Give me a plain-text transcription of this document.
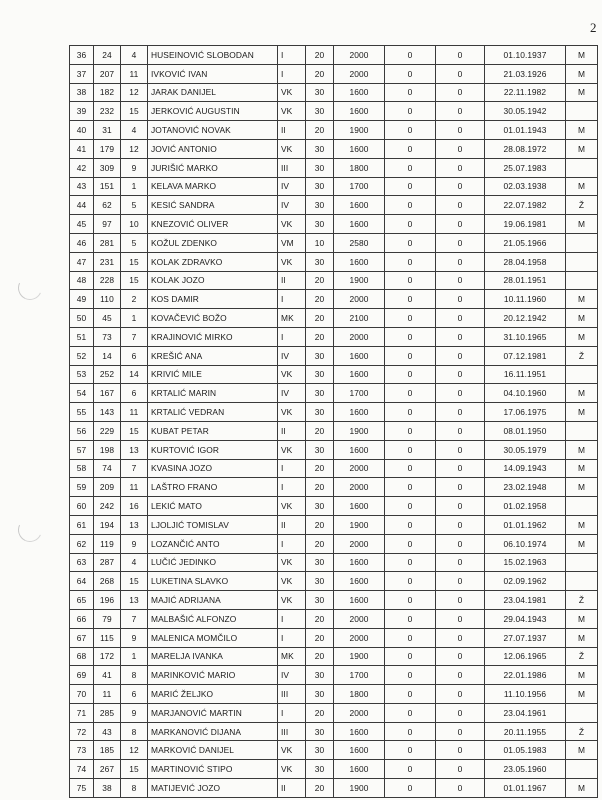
2
36	24	4	HUSEINOVIĆ SLOBODAN	I	20	2000	0	0	01.10.1937	M
37	207	11	IVKOVIĆ IVAN	I	20	2000	0	0	21.03.1926	M
38	182	12	JARAK DANIJEL	VK	30	1600	0	0	22.11.1982	M
39	232	15	JERKOVIĆ AUGUSTIN	VK	30	1600	0	0	30.05.1942	
40	31	4	JOTANOVIĆ NOVAK	II	20	1900	0	0	01.01.1943	M
41	179	12	JOVIĆ ANTONIO	VK	30	1600	0	0	28.08.1972	M
42	309	9	JURIŠIĆ MARKO	III	30	1800	0	0	25.07.1983	
43	151	1	KELAVA MARKO	IV	30	1700	0	0	02.03.1938	M
44	62	5	KESIĆ SANDRA	IV	30	1600	0	0	22.07.1982	Ž
45	97	10	KNEZOVIĆ OLIVER	VK	30	1600	0	0	19.06.1981	M
46	281	5	KOŽUL ZDENKO	VM	10	2580	0	0	21.05.1966	
47	231	15	KOLAK ZDRAVKO	VK	30	1600	0	0	28.04.1958	
48	228	15	KOLAK JOZO	II	20	1900	0	0	28.01.1951	
49	110	2	KOS DAMIR	I	20	2000	0	0	10.11.1960	M
50	45	1	KOVAČEVIĆ BOŽO	MK	20	2100	0	0	20.12.1942	M
51	73	7	KRAJINOVIĆ MIRKO	I	20	2000	0	0	31.10.1965	M
52	14	6	KREŠIĆ ANA	IV	30	1600	0	0	07.12.1981	Ž
53	252	14	KRIVIĆ MILE	VK	30	1600	0	0	16.11.1951	
54	167	6	KRTALIĆ MARIN	IV	30	1700	0	0	04.10.1960	M
55	143	11	KRTALIĆ VEDRAN	VK	30	1600	0	0	17.06.1975	M
56	229	15	KUBAT PETAR	II	20	1900	0	0	08.01.1950	
57	198	13	KURTOVIĆ IGOR	VK	30	1600	0	0	30.05.1979	M
58	74	7	KVASINA JOZO	I	20	2000	0	0	14.09.1943	M
59	209	11	LAŠTRO FRANO	I	20	2000	0	0	23.02.1948	M
60	242	16	LEKIĆ MATO	VK	30	1600	0	0	01.02.1958	
61	194	13	LJOLJIĆ TOMISLAV	II	20	1900	0	0	01.01.1962	M
62	119	9	LOZANČIĆ ANTO	I	20	2000	0	0	06.10.1974	M
63	287	4	LUČIĆ JEDINKO	VK	30	1600	0	0	15.02.1963	
64	268	15	LUKETINA SLAVKO	VK	30	1600	0	0	02.09.1962	
65	196	13	MAJIĆ ADRIJANA	VK	30	1600	0	0	23.04.1981	Ž
66	79	7	MALBAŠIĆ ALFONZO	I	20	2000	0	0	29.04.1943	M
67	115	9	MALENICA MOMČILO	I	20	2000	0	0	27.07.1937	M
68	172	1	MARELJA IVANKA	MK	20	1900	0	0	12.06.1965	Ž
69	41	8	MARINKOVIĆ MARIO	IV	30	1700	0	0	22.01.1986	M
70	11	6	MARIĆ ŽELJKO	III	30	1800	0	0	11.10.1956	M
71	285	9	MARJANOVIĆ MARTIN	I	20	2000	0	0	23.04.1961	
72	43	8	MARKANOVIĆ DIJANA	III	30	1600	0	0	20.11.1955	Ž
73	185	12	MARKOVIĆ DANIJEL	VK	30	1600	0	0	01.05.1983	M
74	267	15	MARTINOVIĆ STIPO	VK	30	1600	0	0	23.05.1960	
75	38	8	MATIJEVIĆ JOZO	II	20	1900	0	0	01.01.1967	M
